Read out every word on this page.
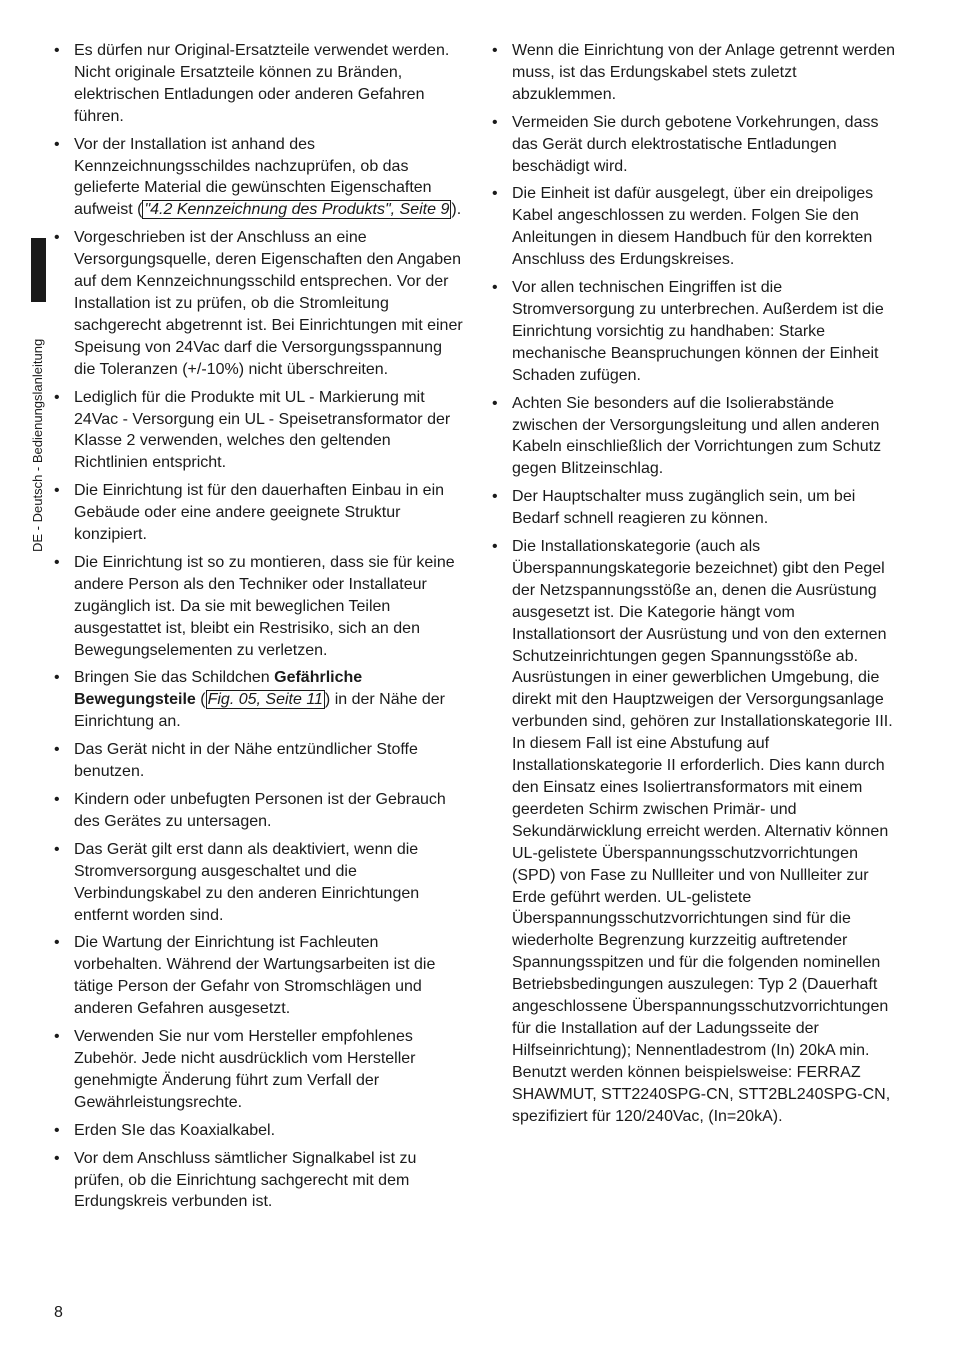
DE - Deutsch - Bedienungslanleitung
• Es dürfen nur Original-Ersatzteile verwendet werden. Nicht originale Ersatzteile können zu Bränden, elektrischen Entladungen oder anderen Gefahren führen.
• Vor der Installation ist anhand des Kennzeichnungsschildes nachzuprüfen, ob das gelieferte Material die gewünschten Eigenschaften aufweist ( "4.2 Kennzeichnung des Produkts", Seite 9 ).
• Vorgeschrieben ist der Anschluss an eine Versorgungsquelle, deren Eigenschaften den Angaben auf dem Kennzeichnungsschild entsprechen. Vor der Installation ist zu prüfen, ob die Stromleitung sachgerecht abgetrennt ist. Bei Einrichtungen mit einer Speisung von 24Vac darf die Versorgungsspannung die Toleranzen (+/-10%) nicht überschreiten.
• Lediglich für die Produkte mit UL - Markierung mit 24Vac - Versorgung ein UL - Speisetransformator der Klasse 2 verwenden, welches den geltenden Richtlinien entspricht.
• Die Einrichtung ist für den dauerhaften Einbau in ein Gebäude oder eine andere geeignete Struktur konzipiert.
• Die Einrichtung ist so zu montieren, dass sie für keine andere Person als den Techniker oder Installateur zugänglich ist. Da sie mit beweglichen Teilen ausgestattet ist, bleibt ein Restrisiko, sich an den Bewegungselementen zu verletzen.
• Bringen Sie das Schildchen Gefährliche Bewegungsteile ( Fig. 05, Seite 11 ) in der Nähe der Einrichtung an.
• Das Gerät nicht in der Nähe entzündlicher Stoffe benutzen.
• Kindern oder unbefugten Personen ist der Gebrauch des Gerätes zu untersagen.
• Das Gerät gilt erst dann als deaktiviert, wenn die Stromversorgung ausgeschaltet und die Verbindungskabel zu den anderen Einrichtungen entfernt worden sind.
• Die Wartung der Einrichtung ist Fachleuten vorbehalten. Während der Wartungsarbeiten ist die tätige Person der Gefahr von Stromschlägen und anderen Gefahren ausgesetzt.
• Verwenden Sie nur vom Hersteller empfohlenes Zubehör. Jede nicht ausdrücklich vom Hersteller genehmigte Änderung führt zum Verfall der Gewährleistungsrechte.
• Erden SIe das Koaxialkabel.
• Vor dem Anschluss sämtlicher Signalkabel ist zu prüfen, ob die Einrichtung sachgerecht mit dem Erdungskreis verbunden ist.
• Wenn die Einrichtung von der Anlage getrennt werden muss, ist das Erdungskabel stets zuletzt abzuklemmen.
• Vermeiden Sie durch gebotene Vorkehrungen, dass das Gerät durch elektrostatische Entladungen beschädigt wird.
• Die Einheit ist dafür ausgelegt, über ein dreipoliges Kabel angeschlossen zu werden. Folgen Sie den Anleitungen in diesem Handbuch für den korrekten Anschluss des Erdungskreises.
• Vor allen technischen Eingriffen ist die Stromversorgung zu unterbrechen. Außerdem ist die Einrichtung vorsichtig zu handhaben: Starke mechanische Beanspruchungen können der Einheit Schaden zufügen.
• Achten Sie besonders auf die Isolierabstände zwischen der Versorgungsleitung und allen anderen Kabeln einschließlich der Vorrichtungen zum Schutz gegen Blitzeinschlag.
• Der Hauptschalter muss zugänglich sein, um bei Bedarf schnell reagieren zu können.
• Die Installationskategorie (auch als Überspannungskategorie bezeichnet) gibt den Pegel der Netzspannungsstöße an, denen die Ausrüstung ausgesetzt ist. Die Kategorie hängt vom Installationsort der Ausrüstung und von den externen Schutzeinrichtungen gegen Spannungsstöße ab. Ausrüstungen in einer gewerblichen Umgebung, die direkt mit den Hauptzweigen der Versorgungsanlage verbunden sind, gehören zur Installationskategorie III. In diesem Fall ist eine Abstufung auf Installationskategorie II erforderlich. Dies kann durch den Einsatz eines Isoliertransformators mit einem geerdeten Schirm zwischen Primär- und Sekundärwicklung erreicht werden. Alternativ können UL-gelistete Überspannungsschutzvorrichtungen (SPD) von Fase zu Nullleiter und von Nullleiter zur Erde geführt werden. UL-gelistete Überspannungsschutzvorrichtungen sind für die wiederholte Begrenzung kurzzeitig auftretender Spannungsspitzen und für die folgenden nominellen Betriebsbedingungen auszulegen: Typ 2 (Dauerhaft angeschlossene Überspannungsschutzvorrichtungen für die Installation auf der Ladungsseite der Hilfseinrichtung); Nennentladestrom (In) 20kA min. Benutzt werden können beispielsweise: FERRAZ SHAWMUT, STT2240SPG-CN, STT2BL240SPG-CN, spezifiziert für 120/240Vac, (In=20kA).
8
